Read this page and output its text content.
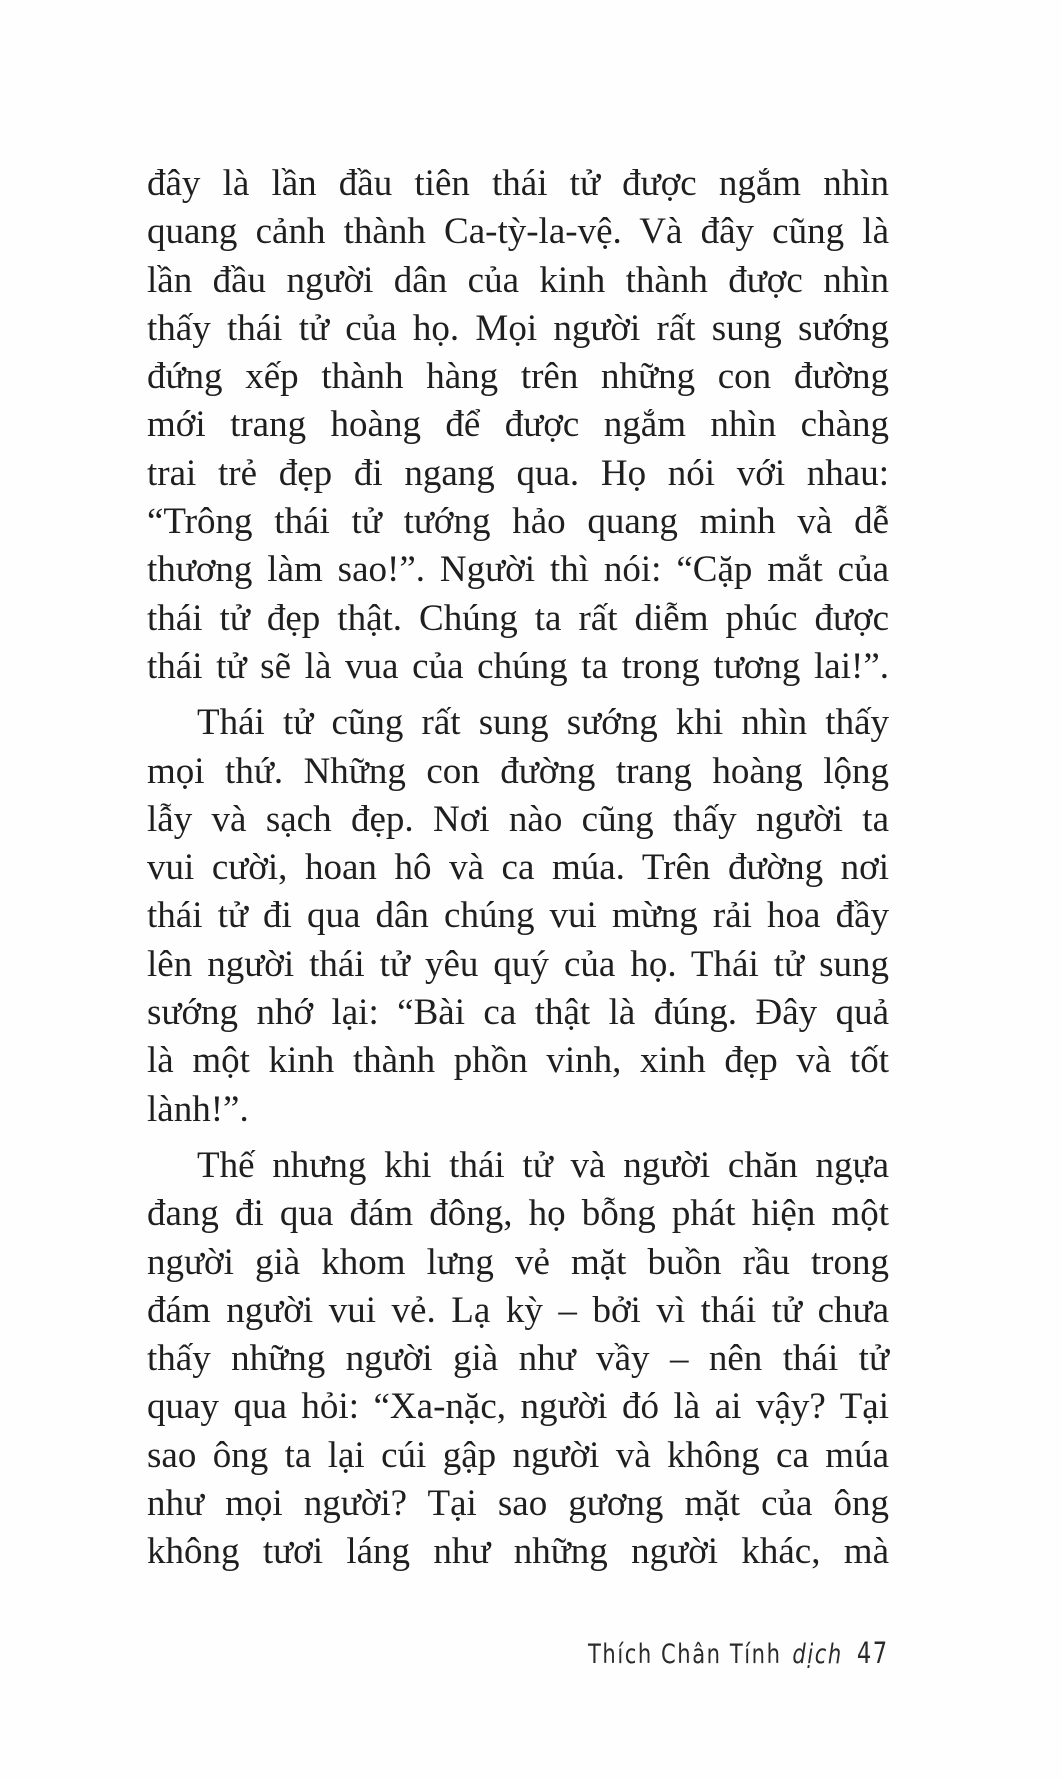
đây là lần đầu tiên thái tử được ngắm nhìn
quang cảnh thành Ca-tỳ-la-vệ. Và đây cũng là
lần đầu người dân của kinh thành được nhìn
thấy thái tử của họ. Mọi người rất sung sướng
đứng xếp thành hàng trên những con đường
mới trang hoàng để được ngắm nhìn chàng
trai trẻ đẹp đi ngang qua. Họ nói với nhau:
“Trông thái tử tướng hảo quang minh và dễ
thương làm sao!”. Người thì nói: “Cặp mắt của
thái tử đẹp thật. Chúng ta rất diễm phúc được
thái tử sẽ là vua của chúng ta trong tương lai!”.

Thái tử cũng rất sung sướng khi nhìn thấy
mọi thứ. Những con đường trang hoàng lộng
lẫy và sạch đẹp. Nơi nào cũng thấy người ta
vui cười, hoan hô và ca múa. Trên đường nơi
thái tử đi qua dân chúng vui mừng rải hoa đầy
lên người thái tử yêu quý của họ. Thái tử sung
sướng nhớ lại: “Bài ca thật là đúng. Đây quả
là một kinh thành phồn vinh, xinh đẹp và tốt
lành!”.

Thế nhưng khi thái tử và người chăn ngựa
đang đi qua đám đông, họ bỗng phát hiện một
người già khom lưng vẻ mặt buồn rầu trong
đám người vui vẻ. Lạ kỳ – bởi vì thái tử chưa
thấy những người già như vầy – nên thái tử
quay qua hỏi: “Xa-nặc, người đó là ai vậy? Tại
sao ông ta lại cúi gập người và không ca múa
như mọi người? Tại sao gương mặt của ông
không tươi láng như những người khác, mà

Thích Chân Tính dịch 47
